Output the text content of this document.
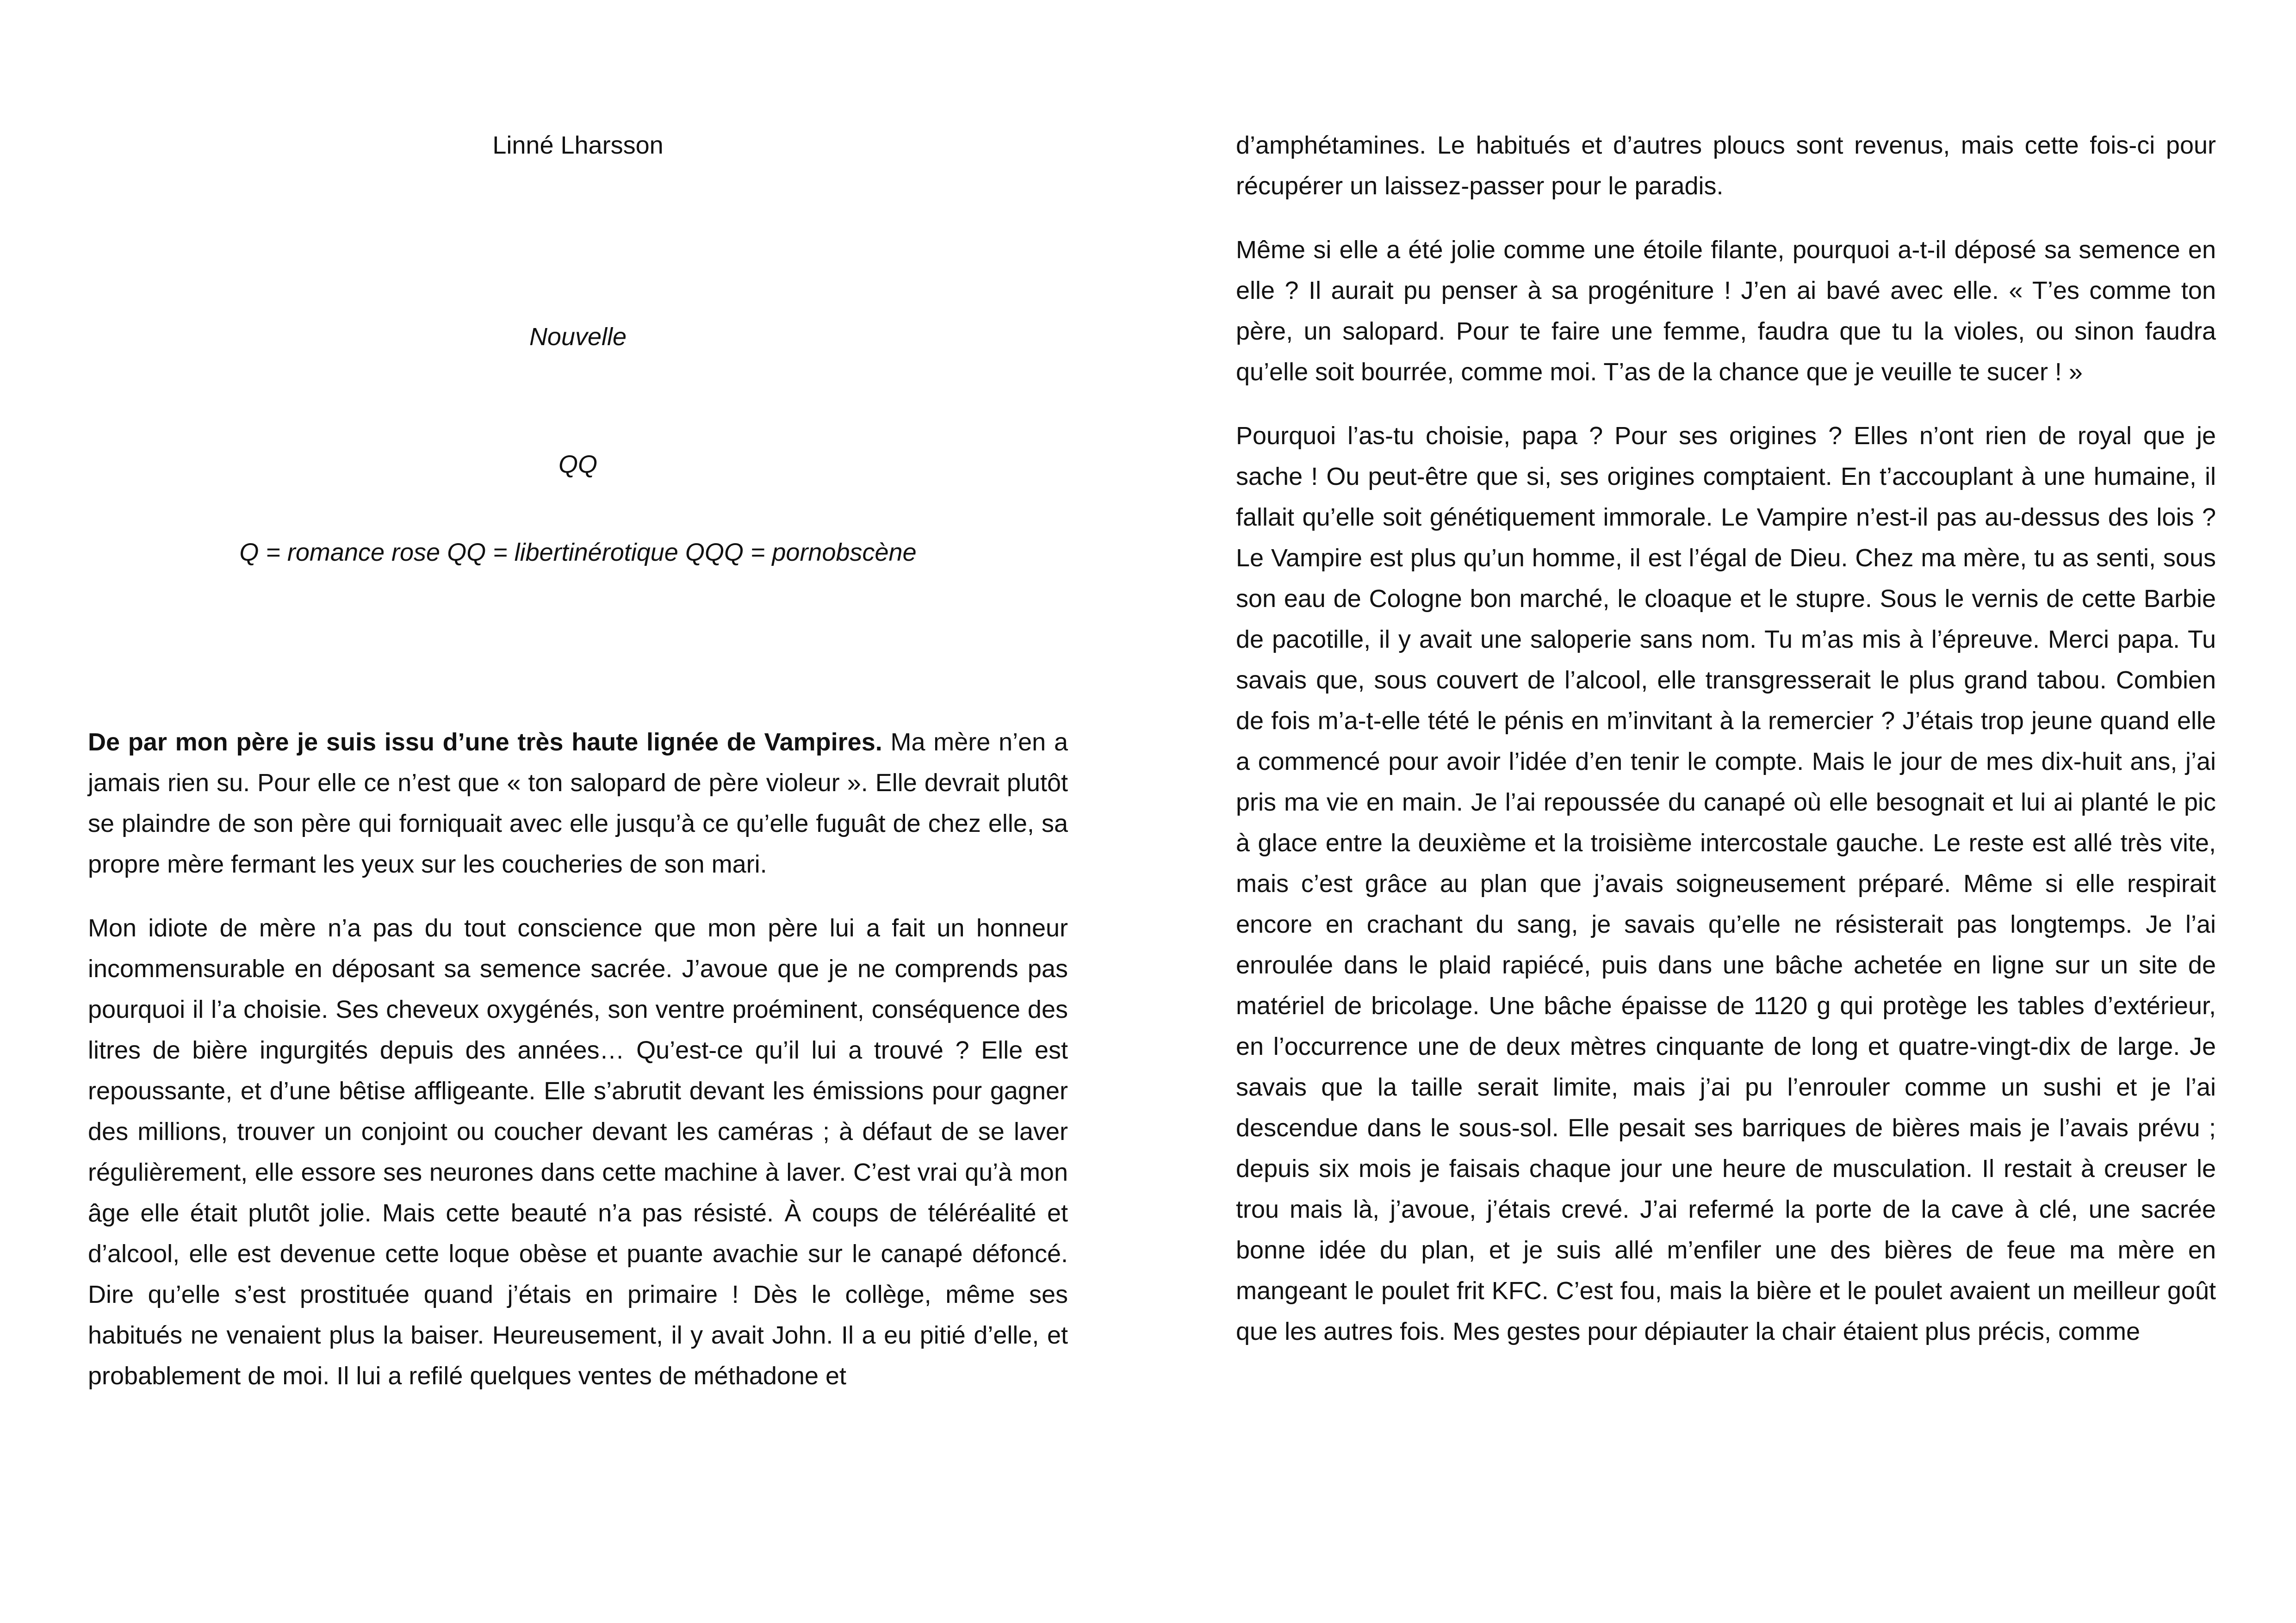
Linné Lharsson
Nouvelle
QQ
Q = romance rose QQ = libertinérotique QQQ = pornobscène

De par mon père je suis issu d’une très haute lignée de Vampires. Ma mère n’en a jamais rien su. Pour elle ce n’est que « ton salopard de père violeur ». Elle devrait plutôt se plaindre de son père qui forniquait avec elle jusqu’à ce qu’elle fuguât de chez elle, sa propre mère fermant les yeux sur les coucheries de son mari.

Mon idiote de mère n’a pas du tout conscience que mon père lui a fait un honneur incommensurable en déposant sa semence sacrée. J’avoue que je ne comprends pas pourquoi il l’a choisie. Ses cheveux oxygénés, son ventre proéminent, conséquence des litres de bière ingurgités depuis des années… Qu’est-ce qu’il lui a trouvé ? Elle est repoussante, et d’une bêtise affligeante. Elle s’abrutit devant les émissions pour gagner des millions, trouver un conjoint ou coucher devant les caméras ; à défaut de se laver régulièrement, elle essore ses neurones dans cette machine à laver. C’est vrai qu’à mon âge elle était plutôt jolie. Mais cette beauté n’a pas résisté. À coups de téléréalité et d’alcool, elle est devenue cette loque obèse et puante avachie sur le canapé défoncé. Dire qu’elle s’est prostituée quand j’étais en primaire ! Dès le collège, même ses habitués ne venaient plus la baiser. Heureusement, il y avait John. Il a eu pitié d’elle, et probablement de moi. Il lui a refilé quelques ventes de méthadone et

d’amphétamines. Le habitués et d’autres ploucs sont revenus, mais cette fois-ci pour récupérer un laissez-passer pour le paradis.

Même si elle a été jolie comme une étoile filante, pourquoi a-t-il déposé sa semence en elle ? Il aurait pu penser à sa progéniture ! J’en ai bavé avec elle. « T’es comme ton père, un salopard. Pour te faire une femme, faudra que tu la violes, ou sinon faudra qu’elle soit bourrée, comme moi. T’as de la chance que je veuille te sucer ! »

Pourquoi l’as-tu choisie, papa ? Pour ses origines ? Elles n’ont rien de royal que je sache ! Ou peut-être que si, ses origines comptaient. En t’accouplant à une humaine, il fallait qu’elle soit génétiquement immorale. Le Vampire n’est-il pas au-dessus des lois ? Le Vampire est plus qu’un homme, il est l’égal de Dieu. Chez ma mère, tu as senti, sous son eau de Cologne bon marché, le cloaque et le stupre. Sous le vernis de cette Barbie de pacotille, il y avait une saloperie sans nom. Tu m’as mis à l’épreuve. Merci papa. Tu savais que, sous couvert de l’alcool, elle transgresserait le plus grand tabou. Combien de fois m’a-t-elle tété le pénis en m’invitant à la remercier ? J’étais trop jeune quand elle a commencé pour avoir l’idée d’en tenir le compte. Mais le jour de mes dix-huit ans, j’ai pris ma vie en main. Je l’ai repoussée du canapé où elle besognait et lui ai planté le pic à glace entre la deuxième et la troisième intercostale gauche. Le reste est allé très vite, mais c’est grâce au plan que j’avais soigneusement préparé. Même si elle respirait encore en crachant du sang, je savais qu’elle ne résisterait pas longtemps. Je l’ai enroulée dans le plaid rapiécé, puis dans une bâche achetée en ligne sur un site de matériel de bricolage. Une bâche épaisse de 1120 g qui protège les tables d’extérieur, en l’occurrence une de deux mètres cinquante de long et quatre-vingt-dix de large. Je savais que la taille serait limite, mais j’ai pu l’enrouler comme un sushi et je l’ai descendue dans le sous-sol. Elle pesait ses barriques de bières mais je l’avais prévu ; depuis six mois je faisais chaque jour une heure de musculation. Il restait à creuser le trou mais là, j’avoue, j’étais crevé. J’ai refermé la porte de la cave à clé, une sacrée bonne idée du plan, et je suis allé m’enfiler une des bières de feue ma mère en mangeant le poulet frit KFC. C’est fou, mais la bière et le poulet avaient un meilleur goût que les autres fois. Mes gestes pour dépiauter la chair étaient plus précis, comme
